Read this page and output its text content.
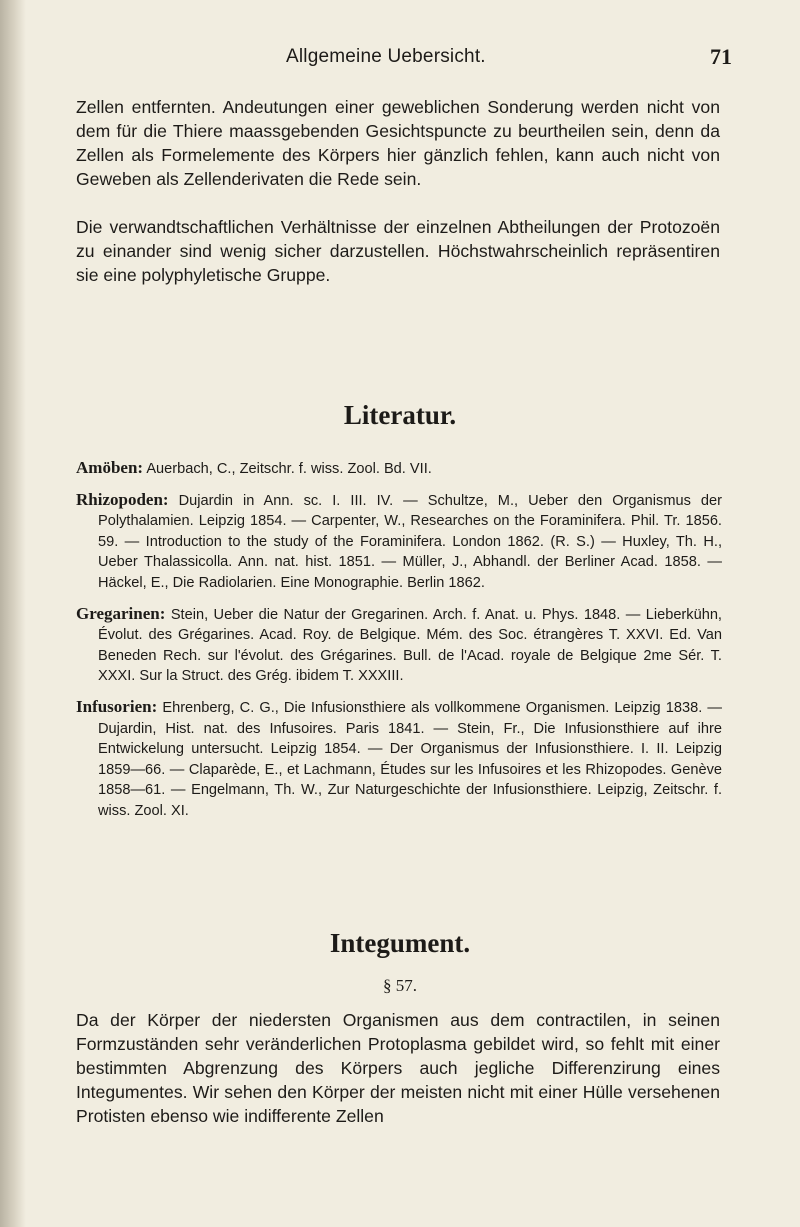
Allgemeine Uebersicht.	71

Zellen entfernten. Andeutungen einer geweblichen Sonderung werden nicht von dem für die Thiere maassgebenden Gesichtspuncte zu beurtheilen sein, denn da Zellen als Formelemente des Körpers hier gänzlich fehlen, kann auch nicht von Geweben als Zellenderivaten die Rede sein.

Die verwandtschaftlichen Verhältnisse der einzelnen Abtheilungen der Protozoën zu einander sind wenig sicher darzustellen. Höchstwahrscheinlich repräsentiren sie eine polyphyletische Gruppe.

Literatur.
Amöben: Auerbach, C., Zeitschr. f. wiss. Zool. Bd. VII.
Rhizopoden: Dujardin in Ann. sc. I. III. IV. — Schultze, M., Ueber den Organismus der Polythalamien. Leipzig 1854. — Carpenter, W., Researches on the Foraminifera. Phil. Tr. 1856. 59. — Introduction to the study of the Foraminifera. London 1862. (R. S.) — Huxley, Th. H., Ueber Thalassicolla. Ann. nat. hist. 1851. — Müller, J., Abhandl. der Berliner Acad. 1858. — Häckel, E., Die Radiolarien. Eine Monographie. Berlin 1862.
Gregarinen: Stein, Ueber die Natur der Gregarinen. Arch. f. Anat. u. Phys. 1848. — Lieberkühn, Évolut. des Grégarines. Acad. Roy. de Belgique. Mém. des Soc. étrangères T. XXVI. Ed. Van Beneden Rech. sur l'évolut. des Grégarines. Bull. de l'Acad. royale de Belgique 2me Sér. T. XXXI. Sur la Struct. des Grég. ibidem T. XXXIII.
Infusorien: Ehrenberg, C. G., Die Infusionsthiere als vollkommene Organismen. Leipzig 1838. — Dujardin, Hist. nat. des Infusoires. Paris 1841. — Stein, Fr., Die Infusionsthiere auf ihre Entwickelung untersucht. Leipzig 1854. — Der Organismus der Infusionsthiere. I. II. Leipzig 1859—66. — Claparède, E., et Lachmann, Études sur les Infusoires et les Rhizopodes. Genève 1858—61. — Engelmann, Th. W., Zur Naturgeschichte der Infusionsthiere. Leipzig, Zeitschr. f. wiss. Zool. XI.
Integument.
§ 57.

Da der Körper der niedersten Organismen aus dem contractilen, in seinen Formzuständen sehr veränderlichen Protoplasma gebildet wird, so fehlt mit einer bestimmten Abgrenzung des Körpers auch jegliche Differenzirung eines Integumentes. Wir sehen den Körper der meisten nicht mit einer Hülle versehenen Protisten ebenso wie indifferente Zellen
